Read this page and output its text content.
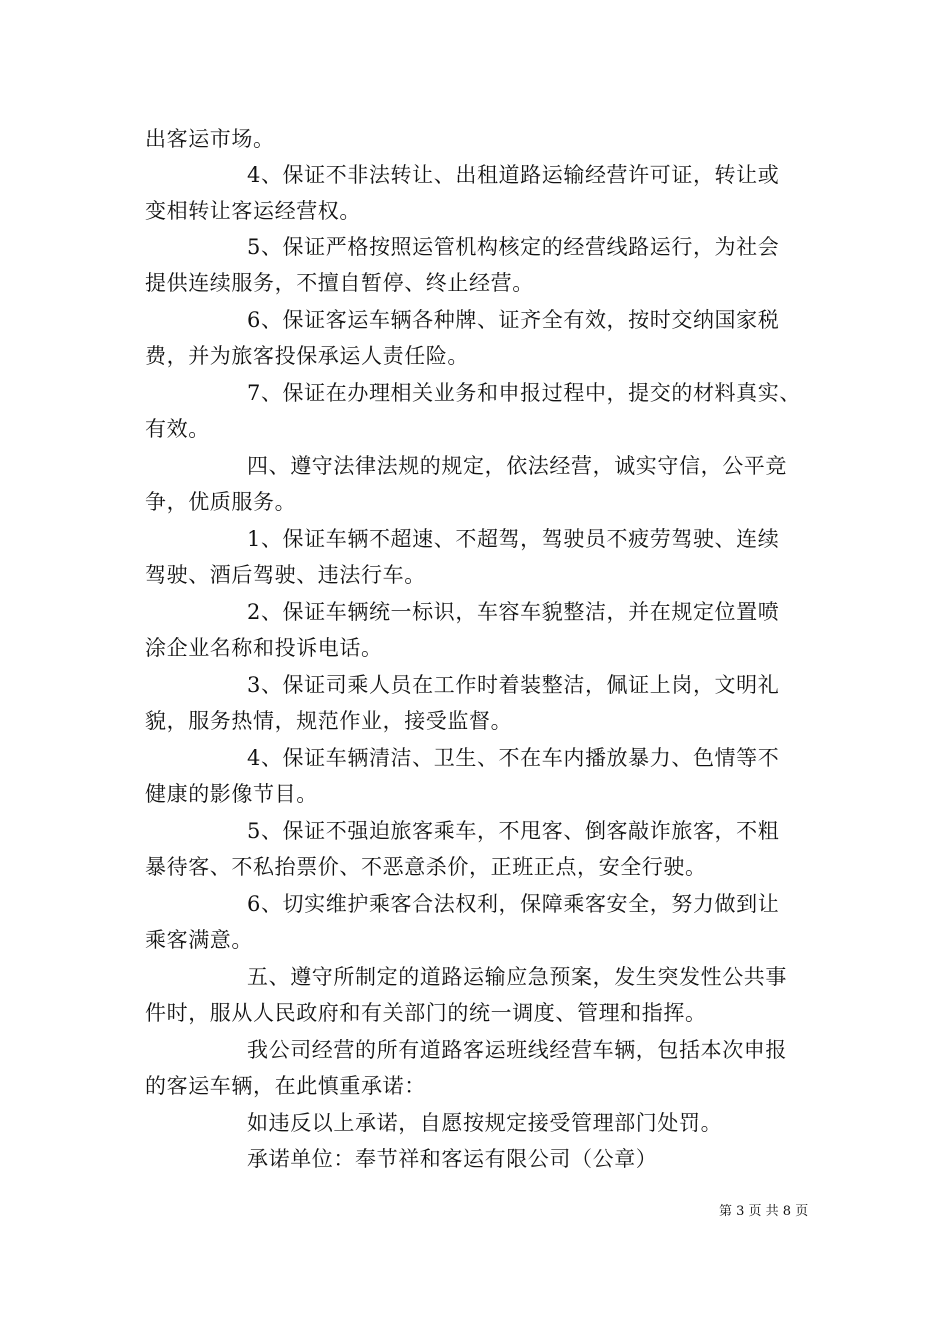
出客运市场。
4、保证不非法转让、出租道路运输经营许可证，转让或
变相转让客运经营权。
5、保证严格按照运管机构核定的经营线路运行，为社会
提供连续服务，不擅自暂停、终止经营。
6、保证客运车辆各种牌、证齐全有效，按时交纳国家税
费，并为旅客投保承运人责任险。
7、保证在办理相关业务和申报过程中，提交的材料真实、
有效。
四、遵守法律法规的规定，依法经营，诚实守信，公平竞
争，优质服务。
1、保证车辆不超速、不超驾，驾驶员不疲劳驾驶、连续
驾驶、酒后驾驶、违法行车。
2、保证车辆统一标识，车容车貌整洁，并在规定位置喷
涂企业名称和投诉电话。
3、保证司乘人员在工作时着装整洁，佩证上岗，文明礼
貌，服务热情，规范作业，接受监督。
4、保证车辆清洁、卫生、不在车内播放暴力、色情等不
健康的影像节目。
5、保证不强迫旅客乘车，不甩客、倒客敲诈旅客，不粗
暴待客、不私抬票价、不恶意杀价，正班正点，安全行驶。
6、切实维护乘客合法权利，保障乘客安全，努力做到让
乘客满意。
五、遵守所制定的道路运输应急预案，发生突发性公共事
件时，服从人民政府和有关部门的统一调度、管理和指挥。
我公司经营的所有道路客运班线经营车辆，包括本次申报
的客运车辆，在此慎重承诺：
如违反以上承诺，自愿按规定接受管理部门处罚。
承诺单位：奉节祥和客运有限公司（公章）
第 3 页 共 8 页
